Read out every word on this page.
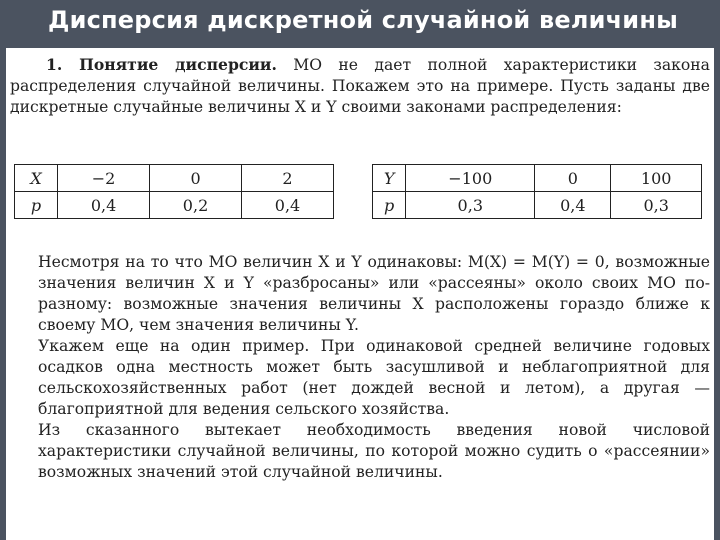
Дисперсия дискретной случайной величины
1. Понятие дисперсии. МО не дает полной характеристики закона распределения случайной величины. Покажем это на примере. Пусть заданы две дискретные случайные величины X и Y своими законами распределения:
X	−2	0	2
p	0,4	0,2	0,4
Y	−100	0	100
p	0,3	0,4	0,3
Несмотря на то что МО величин X и Y одинаковы: M(X) = M(Y) = 0, возможные значения величин X и Y «разбросаны» или «рассеяны» около своих МО по-разному: возможные значения величины X расположены гораздо ближе к своему МО, чем значения величины Y.
Укажем еще на один пример. При одинаковой средней величине годовых осадков одна местность может быть засушливой и неблагоприятной для сельскохозяйственных работ (нет дождей весной и летом), а другая — благоприятной для ведения сельского хозяйства.
Из сказанного вытекает необходимость введения новой числовой характеристики случайной величины, по которой можно судить о «рассеянии» возможных значений этой случайной величины.
